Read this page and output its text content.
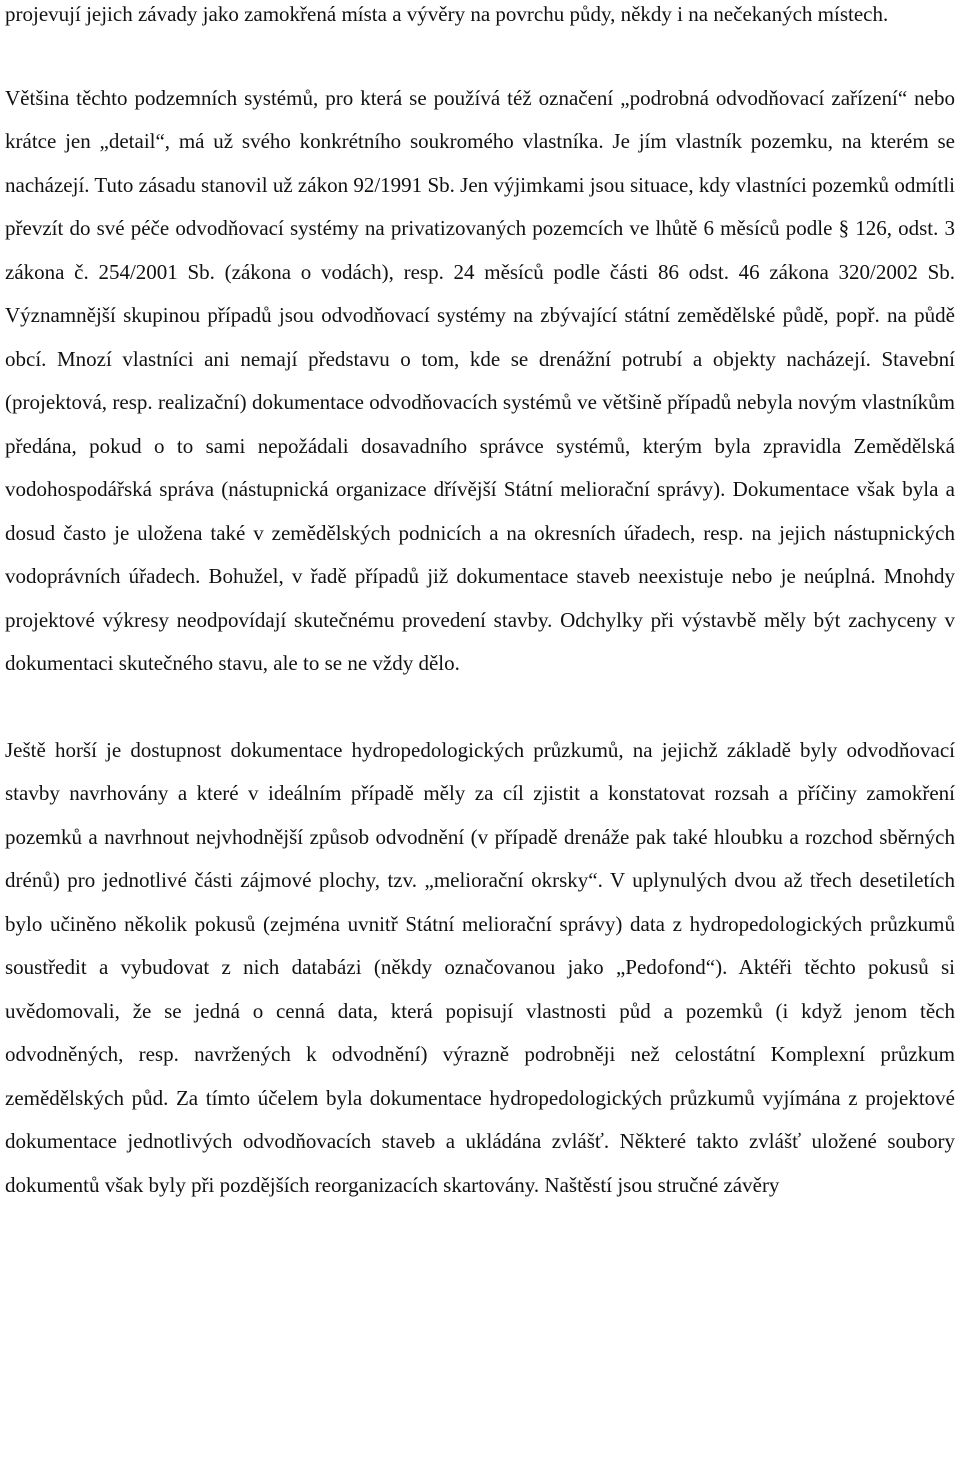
projevují jejich závady jako zamokřená místa a vývěry na povrchu půdy, někdy i na nečekaných místech.

Většina těchto podzemních systémů, pro která se používá též označení „podrobná odvodňovací zařízení“ nebo krátce jen „detail“, má už svého konkrétního soukromého vlastníka. Je jím vlastník pozemku, na kterém se nacházejí. Tuto zásadu stanovil už zákon 92/1991 Sb. Jen výjimkami jsou situace, kdy vlastníci pozemků odmítli převzít do své péče odvodňovací systémy na privatizovaných pozemcích ve lhůtě 6 měsíců podle § 126, odst. 3 zákona č. 254/2001 Sb. (zákona o vodách), resp. 24 měsíců podle části 86 odst. 46 zákona 320/2002 Sb. Významnější skupinou případů jsou odvodňovací systémy na zbývající státní zemědělské půdě, popř. na půdě obcí. Mnozí vlastníci ani nemají představu o tom, kde se drenážní potrubí a objekty nacházejí. Stavební (projektová, resp. realizační) dokumentace odvodňovacích systémů ve většině případů nebyla novým vlastníkům předána, pokud o to sami nepožádali dosavadního správce systémů, kterým byla zpravidla Zemědělská vodohospodářská správa (nástupnická organizace dřívější Státní meliorační správy). Dokumentace však byla a dosud často je uložena také v zemědělských podnicích a na okresních úřadech, resp. na jejich nástupnických vodoprávních úřadech. Bohužel, v řadě případů již dokumentace staveb neexistuje nebo je neúplná. Mnohdy projektové výkresy neodpovídají skutečnému provedení stavby. Odchylky při výstavbě měly být zachyceny v dokumentaci skutečného stavu, ale to se ne vždy dělo.

Ještě horší je dostupnost dokumentace hydropedologických průzkumů, na jejichž základě byly odvodňovací stavby navrhovány a které v ideálním případě měly za cíl zjistit a konstatovat rozsah a příčiny zamokření pozemků a navrhnout nejvhodnější způsob odvodnění (v případě drenáže pak také hloubku a rozchod sběrných drénů) pro jednotlivé části zájmové plochy, tzv. „meliorační okrsky“. V uplynulých dvou až třech desetiletích bylo učiněno několik pokusů (zejména uvnitř Státní meliorační správy) data z hydropedologických průzkumů soustředit a vybudovat z nich databázi (někdy označovanou jako „Pedofond“). Aktéři těchto pokusů si uvědomovali, že se jedná o cenná data, která popisují vlastnosti půd a pozemků (i když jenom těch odvodněných, resp. navržených k odvodnění) výrazně podrobněji než celostátní Komplexní průzkum zemědělských půd. Za tímto účelem byla dokumentace hydropedologických průzkumů vyjímána z projektové dokumentace jednotlivých odvodňovacích staveb a ukládána zvlášť. Některé takto zvlášť uložené soubory dokumentů však byly při pozdějších reorganizacích skartovány. Naštěstí jsou stručné závěry
